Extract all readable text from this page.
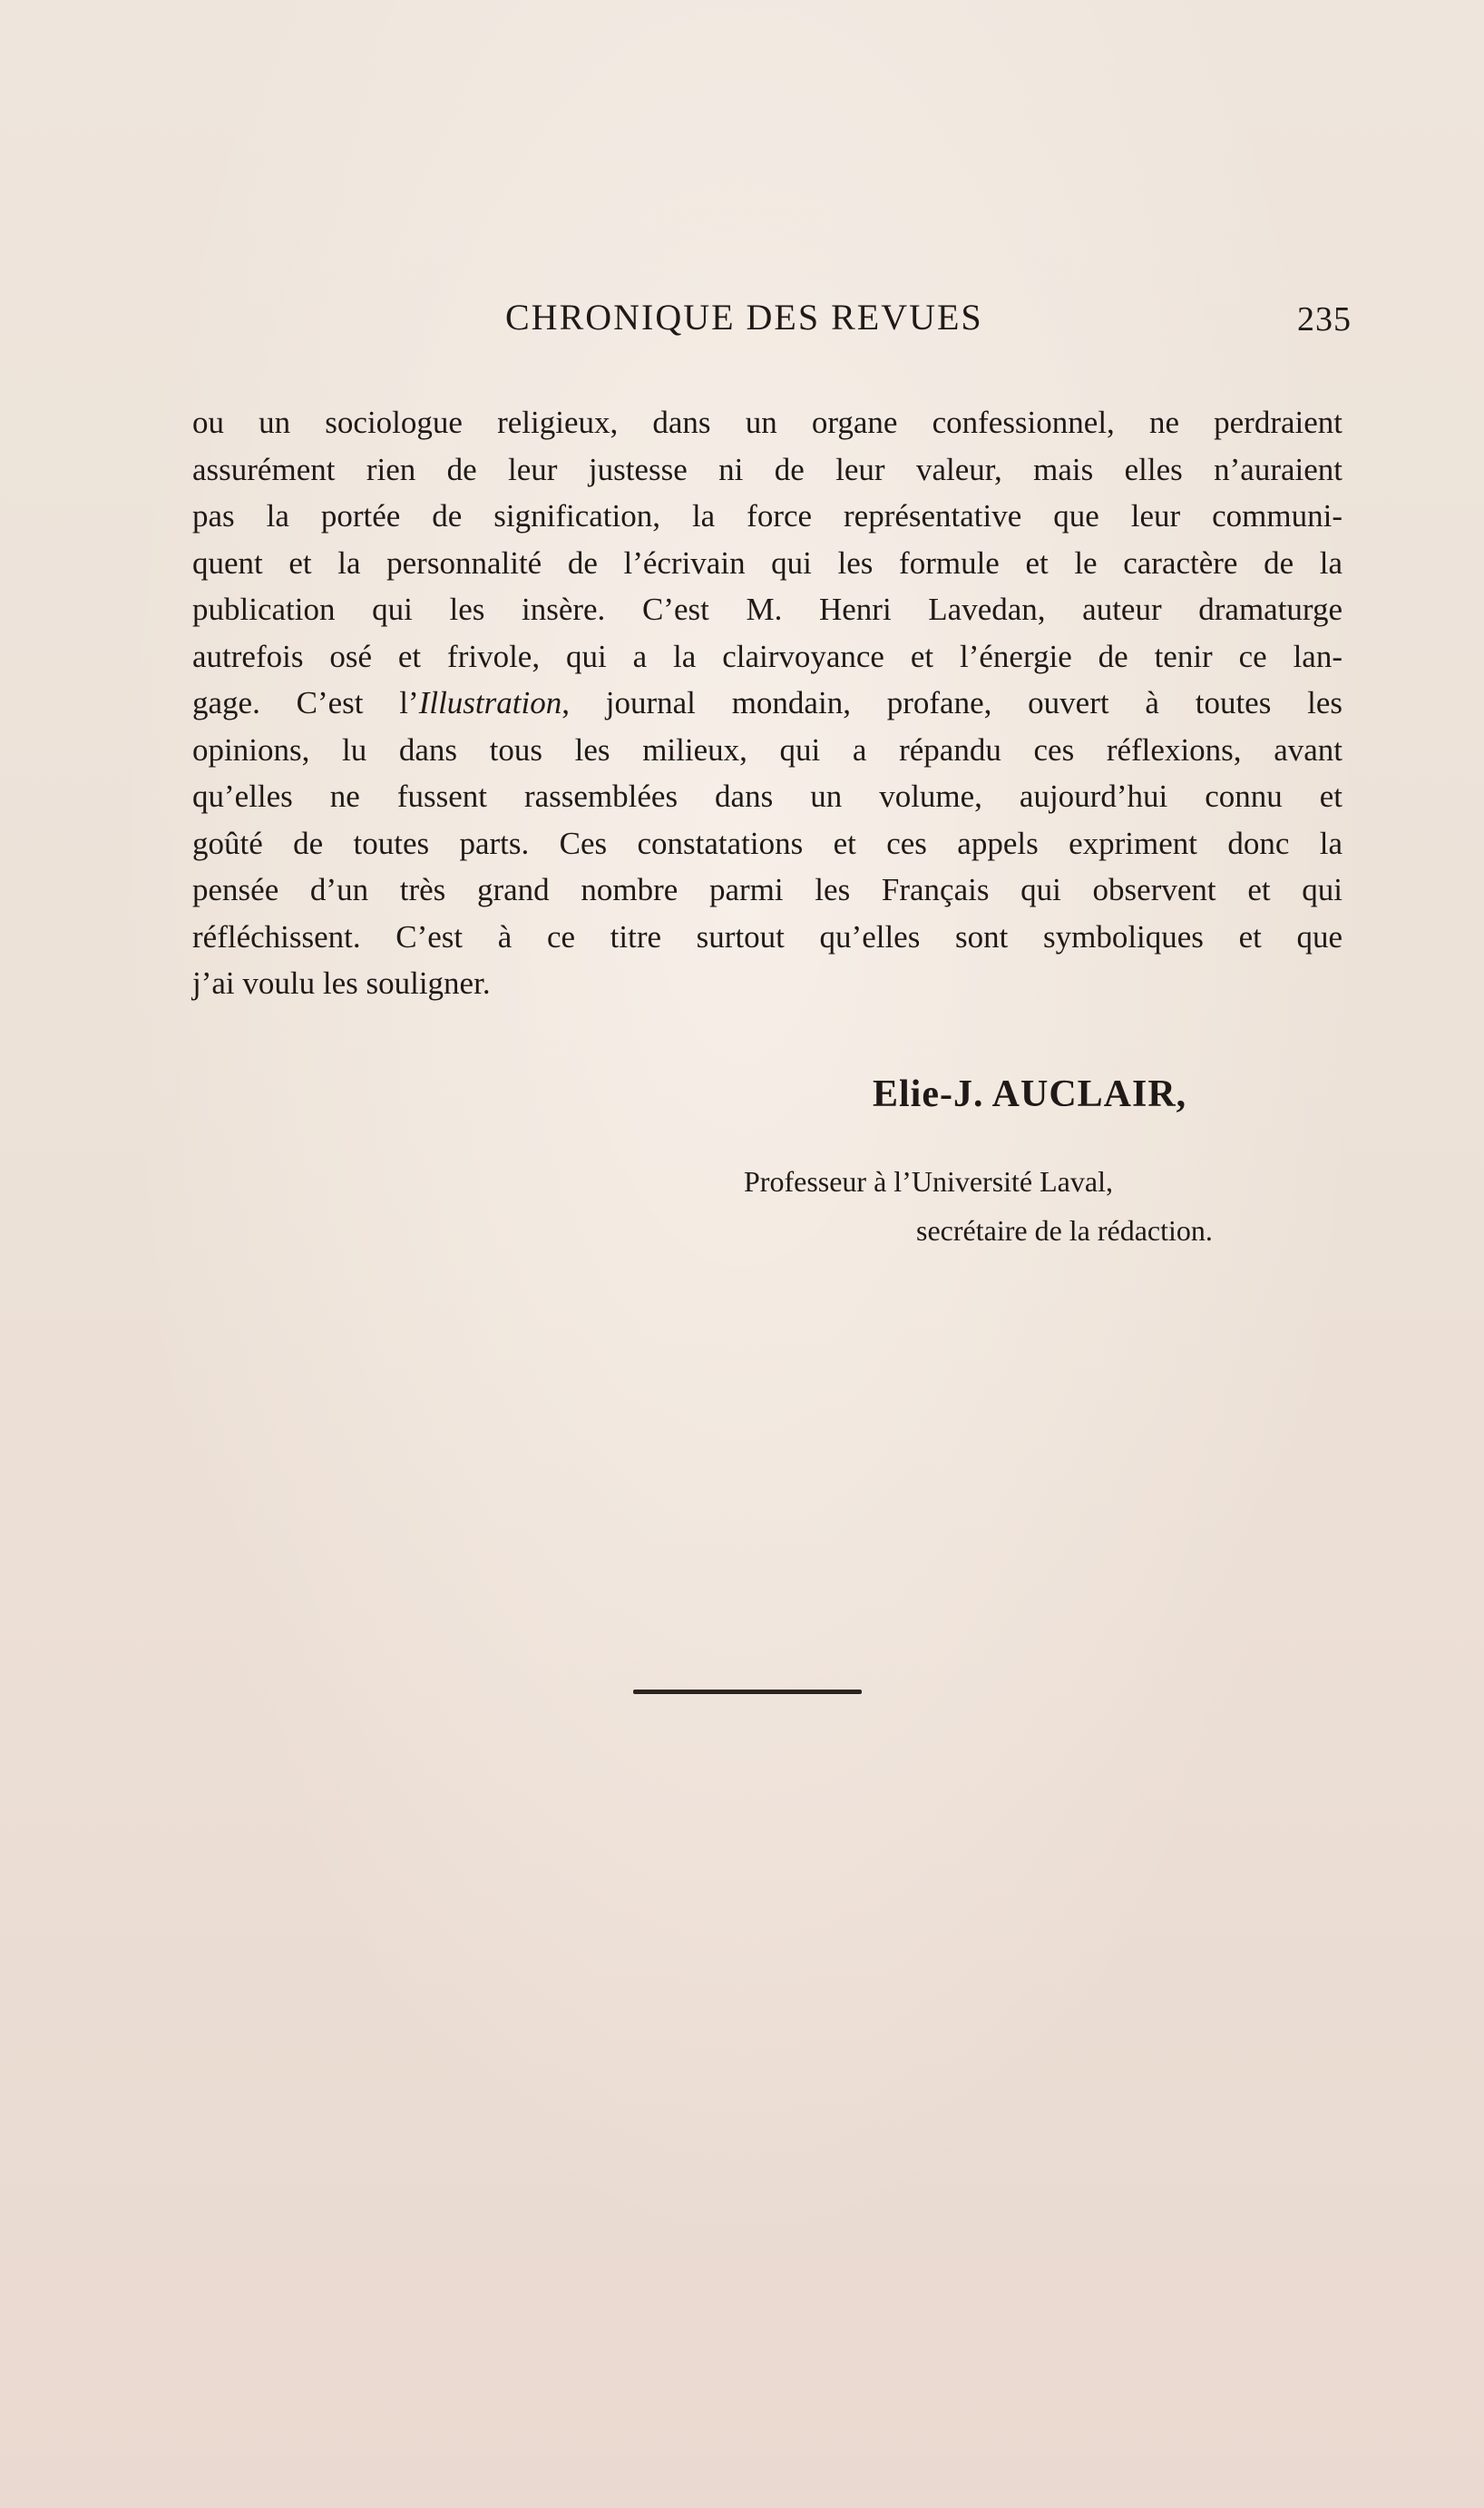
CHRONIQUE DES REVUES	235
ou un sociologue religieux, dans un organe confessionnel, ne perdraient
assurément rien de leur justesse ni de leur valeur, mais elles n’auraient
pas la portée de signification, la force représentative que leur communi-
quent et la personnalité de l’écrivain qui les formule et le caractère de la
publication qui les insère. C’est M. Henri Lavedan, auteur dramaturge
autrefois osé et frivole, qui a la clairvoyance et l’énergie de tenir ce lan-
gage. C’est l’Illustration, journal mondain, profane, ouvert à toutes les
opinions, lu dans tous les milieux, qui a répandu ces réflexions, avant
qu’elles ne fussent rassemblées dans un volume, aujourd’hui connu et
goûté de toutes parts. Ces constatations et ces appels expriment donc la
pensée d’un très grand nombre parmi les Français qui observent et qui
réfléchissent. C’est à ce titre surtout qu’elles sont symboliques et que
j’ai voulu les souligner.
Elie-J. AUCLAIR,
Professeur à l’Université Laval,
secrétaire de la rédaction.
